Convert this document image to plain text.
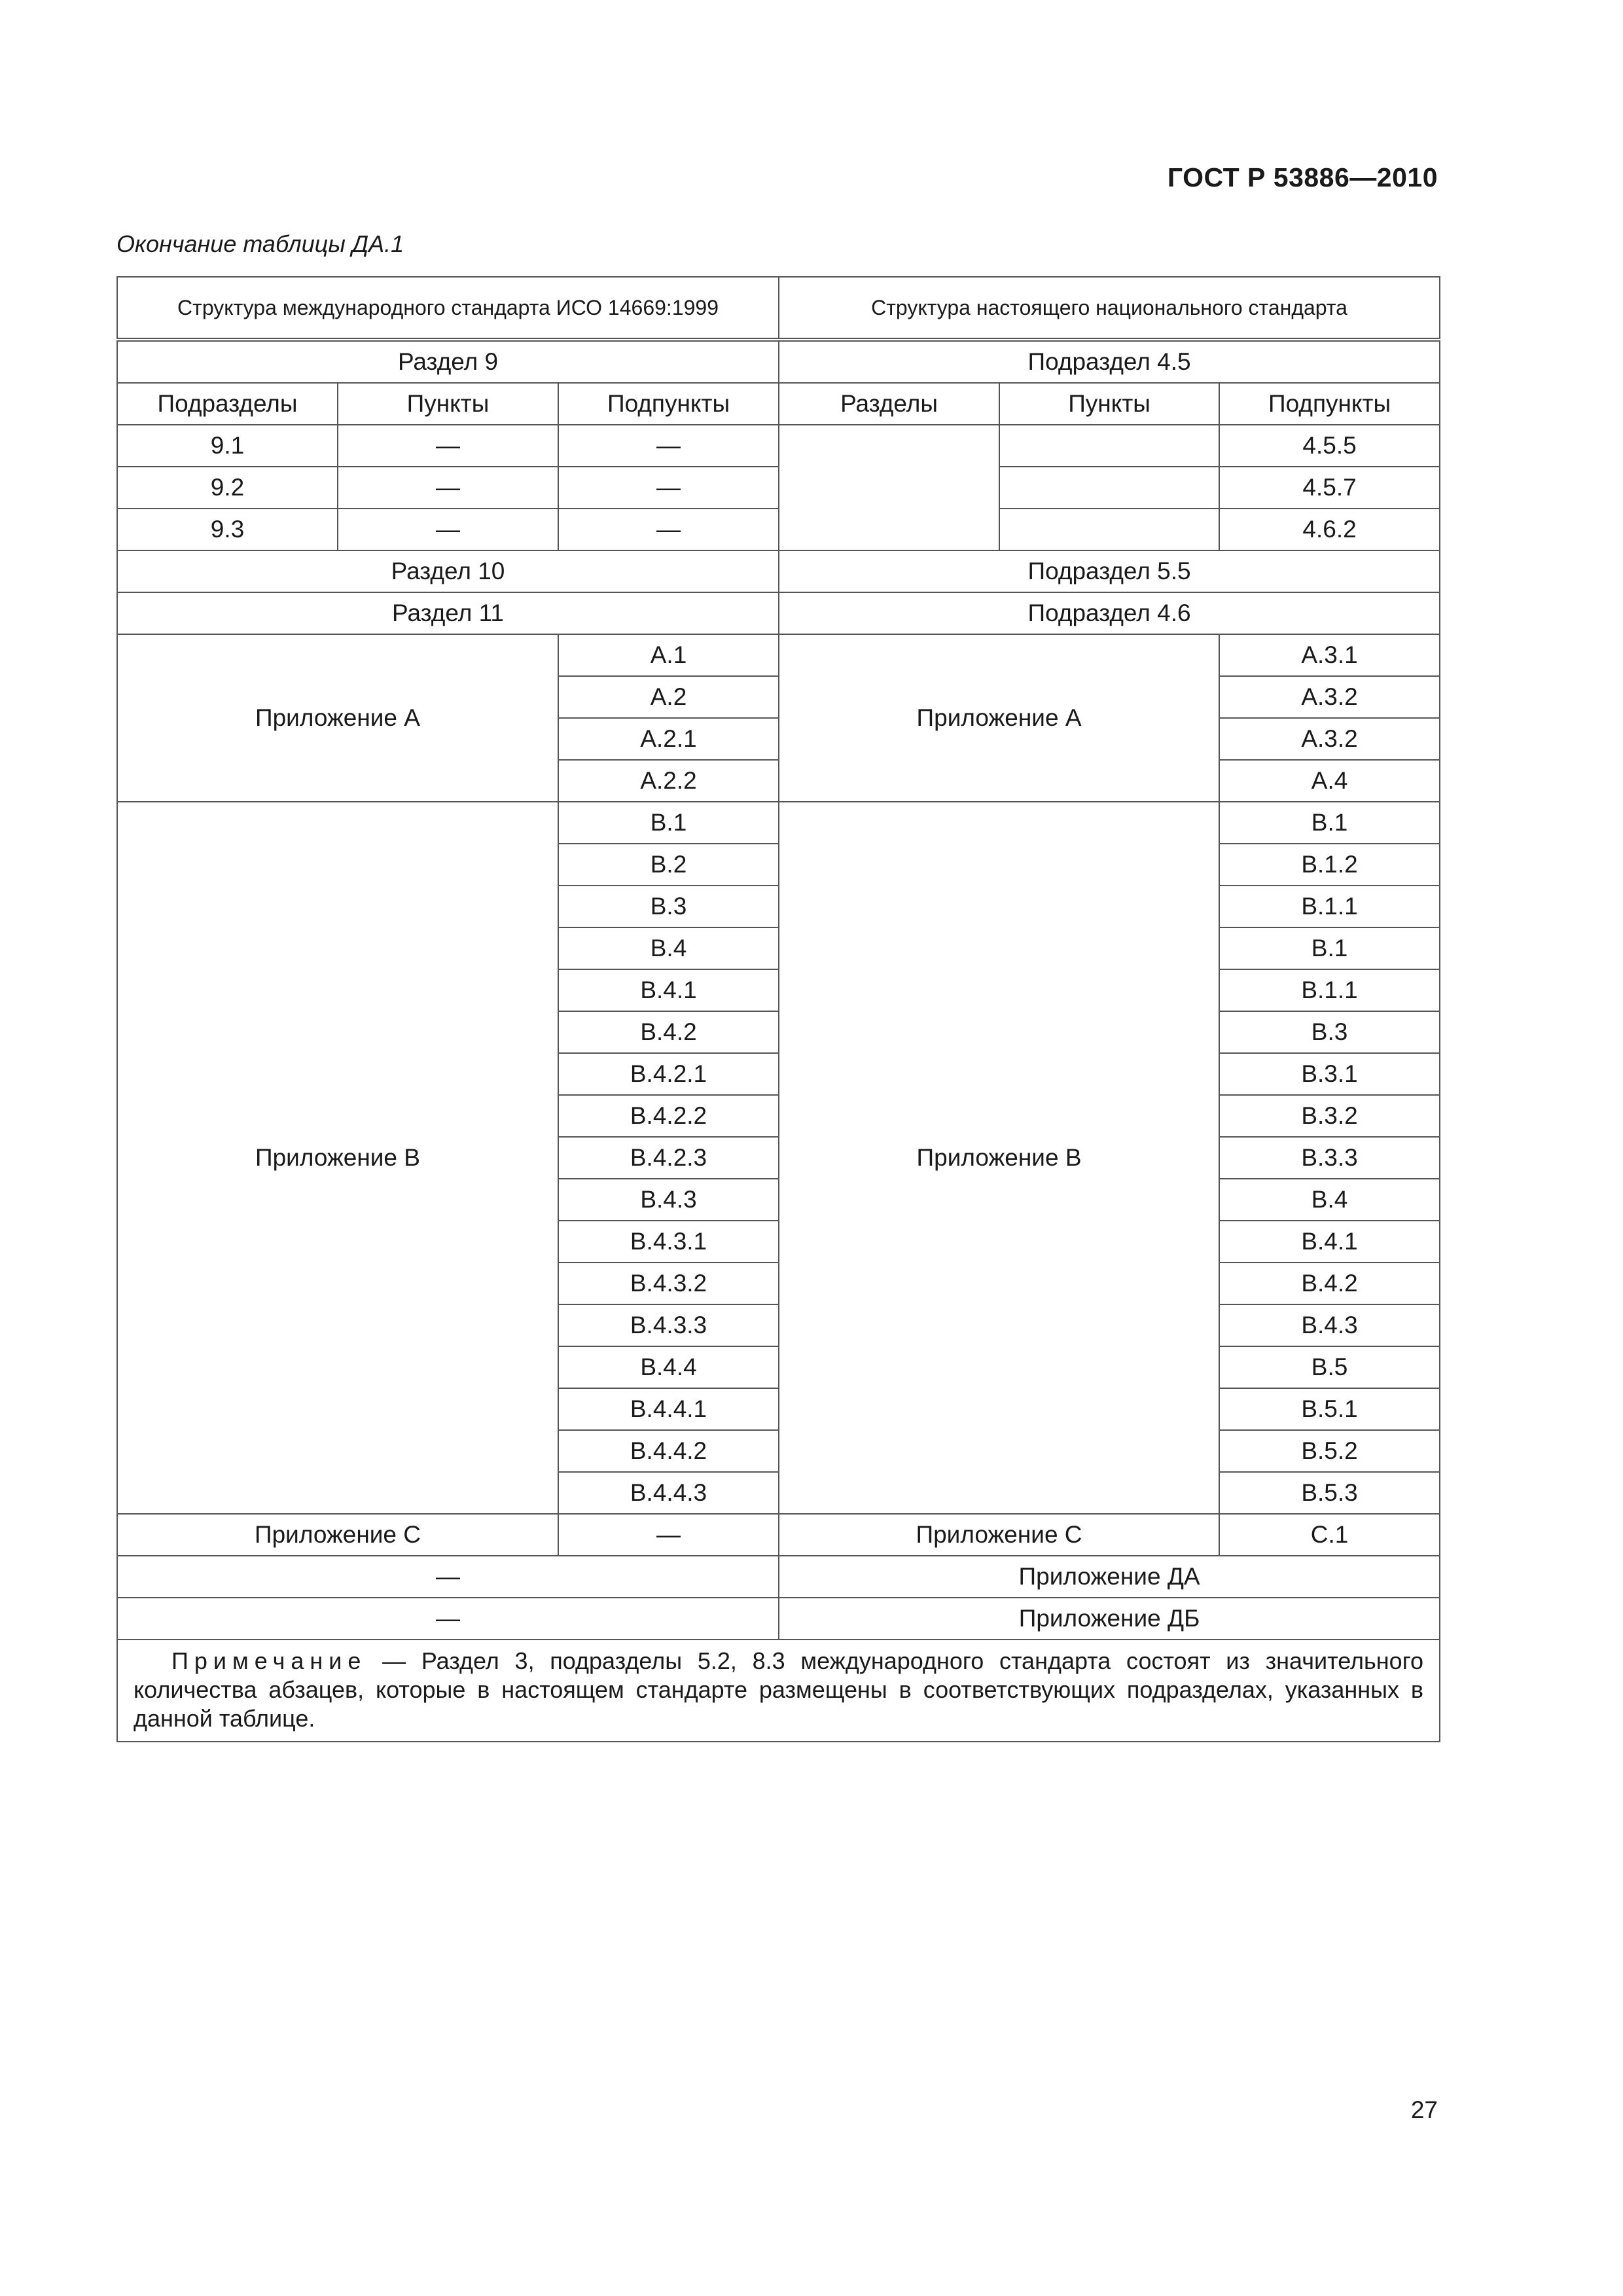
ГОСТ Р 53886—2010
Окончание таблицы ДА.1
Структура международного стандарта ИСО 14669:1999			Структура настоящего национального стандарта		
Раздел 9			Подраздел 4.5		
Подразделы	Пункты	Подпункты	Разделы	Пункты	Подпункты
9.1	—	—			4.5.5
9.2	—	—			4.5.7
9.3	—	—			4.6.2
Раздел 10			Подраздел 5.5		
Раздел 11			Подраздел 4.6		
Приложение A		A.1	Приложение А		А.3.1
		A.2			А.3.2
		A.2.1			А.3.2
		A.2.2			А.4
Приложение B		B.1	Приложение В		В.1
		B.2			В.1.2
		B.3			В.1.1
		B.4			В.1
		B.4.1			В.1.1
		B.4.2			В.3
		B.4.2.1			В.3.1
		B.4.2.2			В.3.2
		B.4.2.3			В.3.3
		B.4.3			В.4
		B.4.3.1			В.4.1
		B.4.3.2			В.4.2
		B.4.3.3			В.4.3
		B.4.4			В.5
		B.4.4.1			В.5.1
		B.4.4.2			В.5.2
		B.4.4.3			В.5.3
Приложение C		—	Приложение С		С.1
—			Приложение ДА		
—			Приложение ДБ		
Примечание — Раздел 3, подразделы 5.2, 8.3 международного стандарта состоят из значительного количества абзацев, которые в настоящем стандарте размещены в соответствующих подразделах, указанных в данной таблице.					
27
